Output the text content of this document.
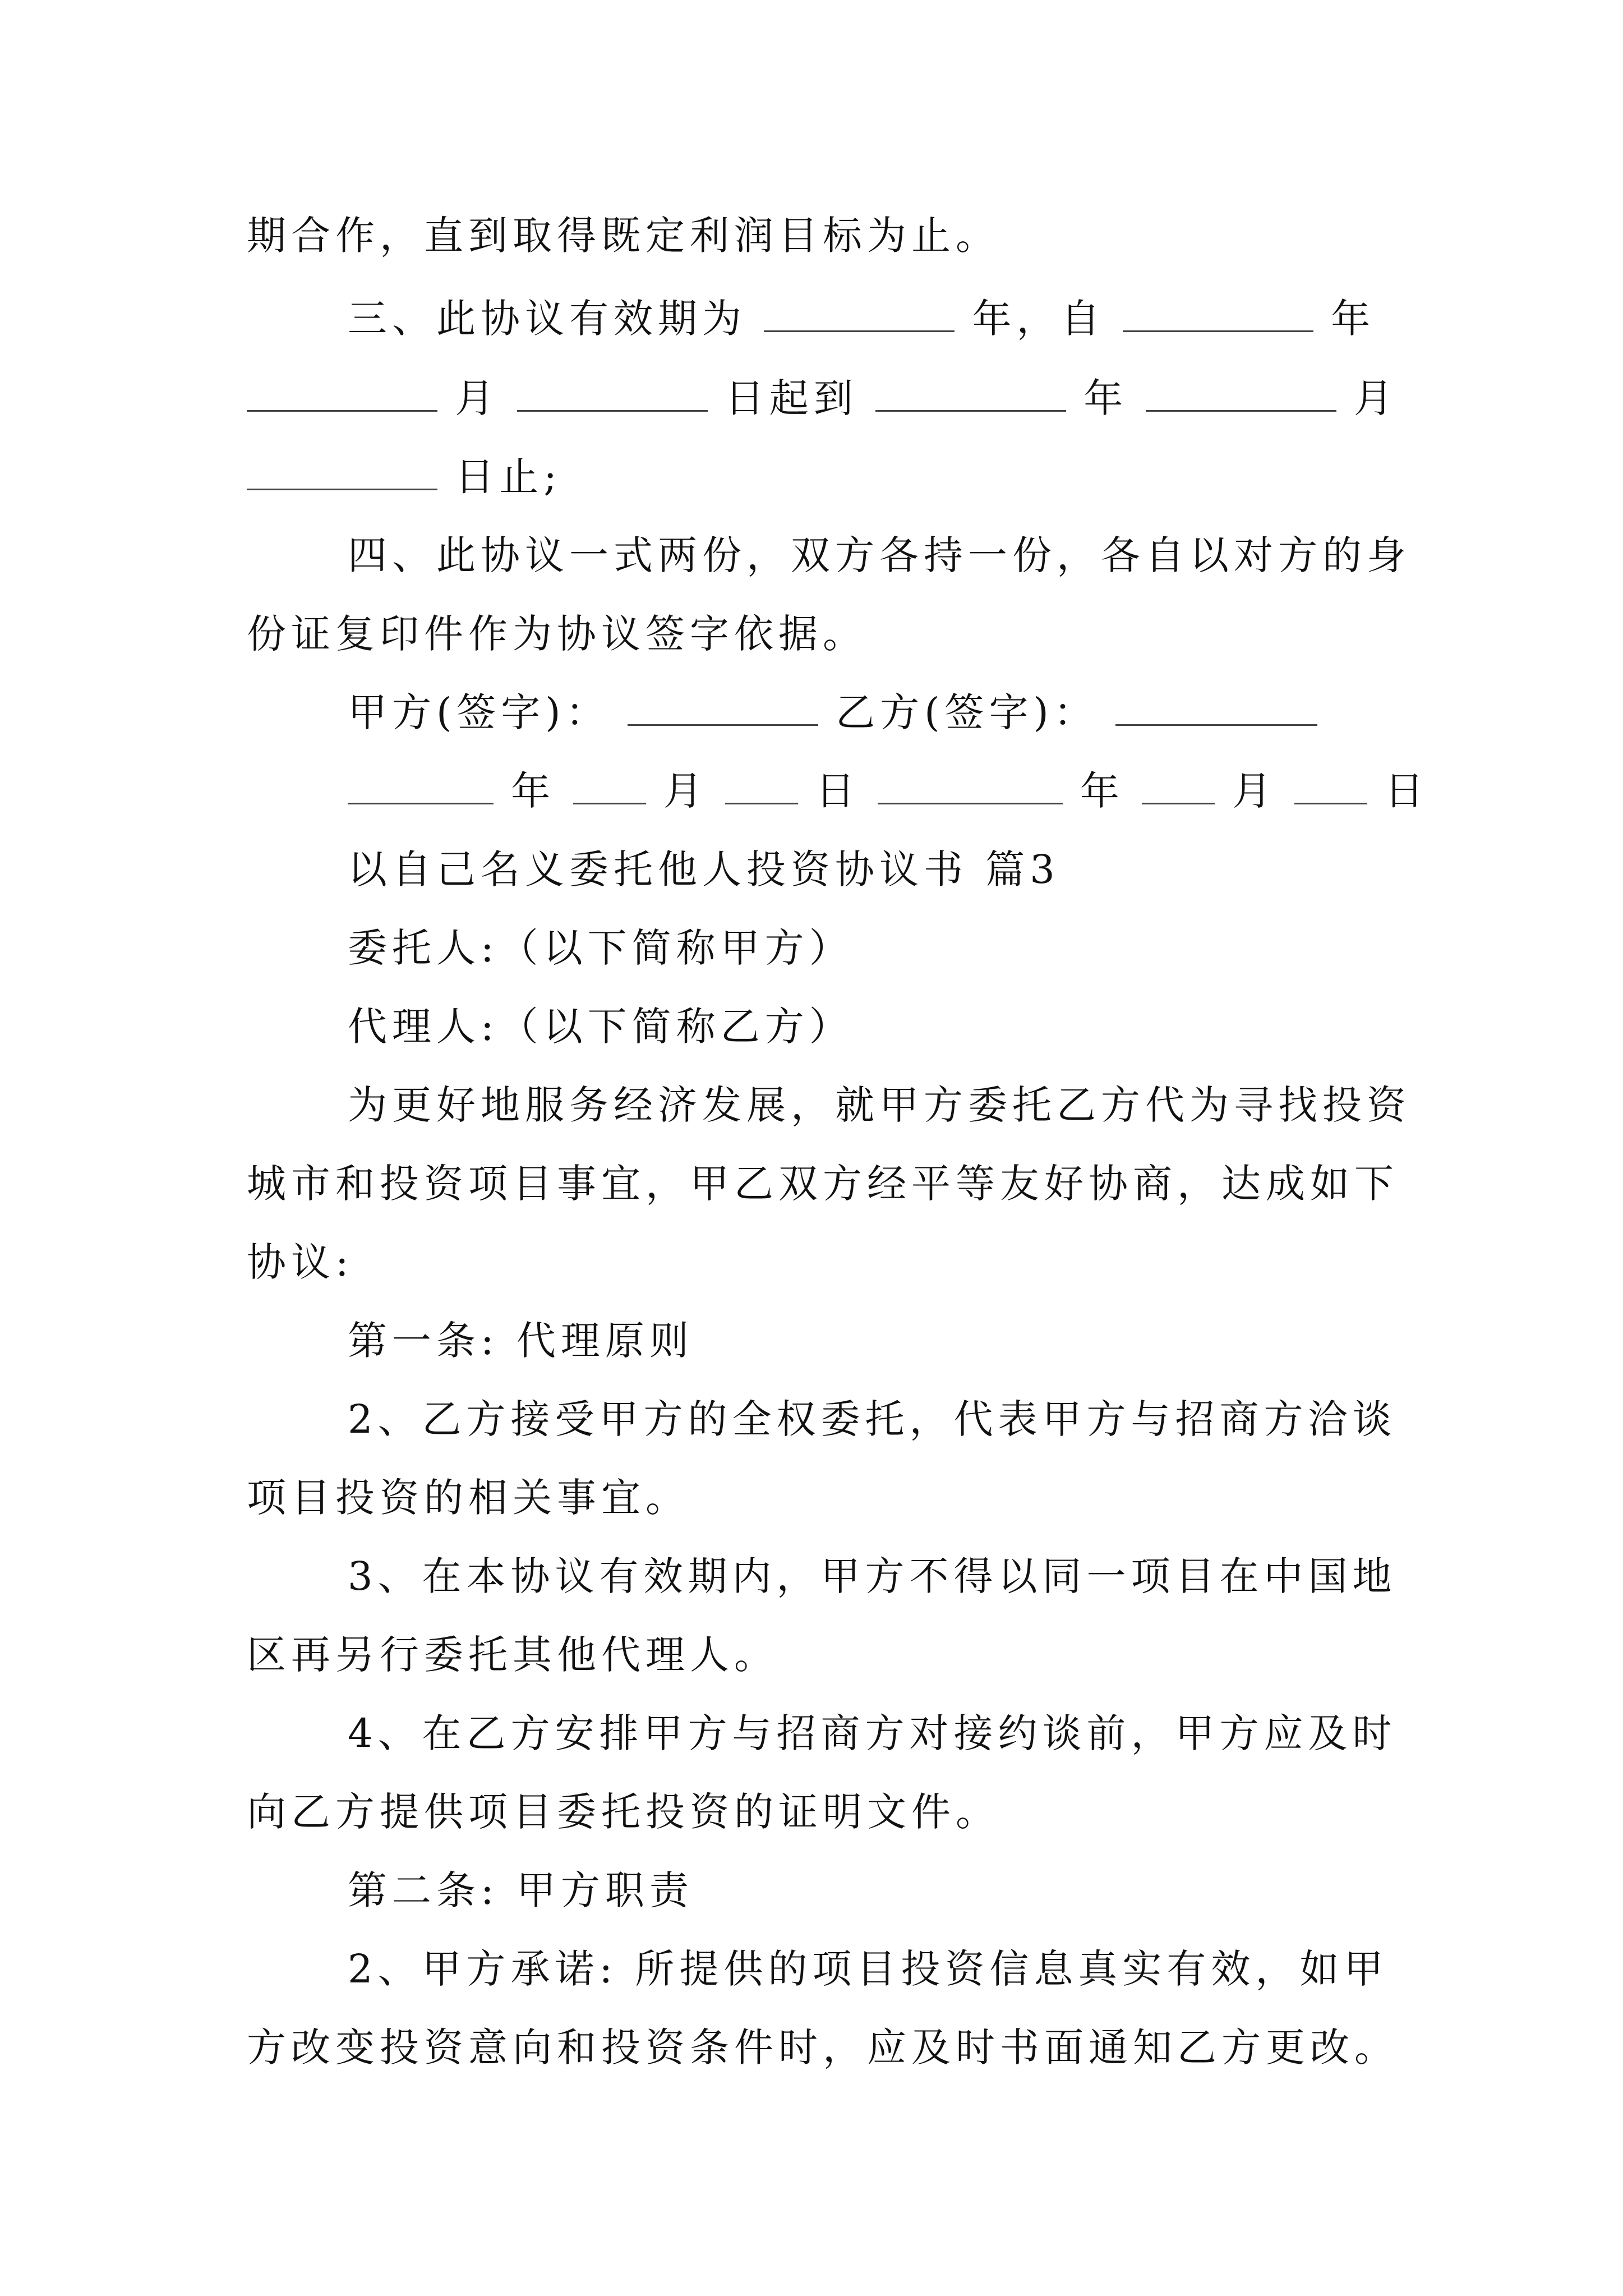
期合作，直到取得既定利润目标为止。
三、此协议有效期为	年，自	年
月	日起到	年	月
日止;
四、此协议一式两份，双方各持一份，各自以对方的身
份证复印件作为协议签字依据。
甲方(签字)：	乙方(签字)：
年	月	日	年	月	日
以自己名义委托他人投资协议书 篇3
委托人:（以下简称甲方）
代理人:（以下简称乙方）
为更好地服务经济发展，就甲方委托乙方代为寻找投资
城市和投资项目事宜，甲乙双方经平等友好协商，达成如下
协议:
第一条: 代理原则
2、乙方接受甲方的全权委托，代表甲方与招商方洽谈
项目投资的相关事宜。
3、在本协议有效期内，甲方不得以同一项目在中国地
区再另行委托其他代理人。
4、在乙方安排甲方与招商方对接约谈前，甲方应及时
向乙方提供项目委托投资的证明文件。
第二条: 甲方职责
2、甲方承诺: 所提供的项目投资信息真实有效，如甲
方改变投资意向和投资条件时，应及时书面通知乙方更改。
